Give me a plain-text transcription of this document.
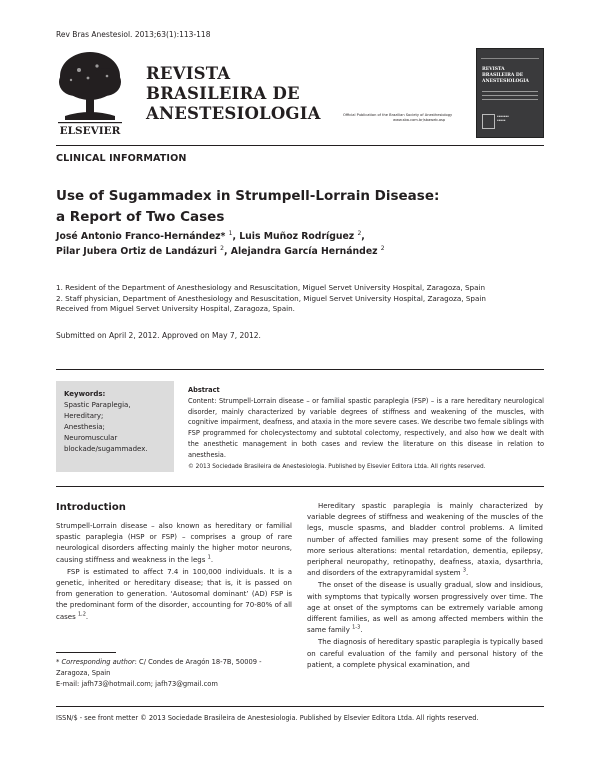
Rev Bras Anestesiol. 2013;63(1):113-118
ELSEVIER
REVISTA
BRASILEIRA DE
ANESTESIOLOGIA	Official Publication of the Brazilian Society of Anesthesiology
www.sba.com.br/sbaweb.asp
REVISTA
BRASILEIRA DE
ANESTESIOLOGIA
▪▪▪▪▪▪▪
▪▪▪▪▪
CLINICAL INFORMATION
Use of Sugammadex in Strumpell-Lorrain Disease:
a Report of Two Cases
José Antonio Franco-Hernández* $^1$, Luis Muñoz Rodríguez $^2$,
Pilar Jubera Ortiz de Landázuri $^2$, Alejandra García Hernández $^2$
1. Resident of the Department of Anesthesiology and Resuscitation, Miguel Servet University Hospital, Zaragoza, Spain
2. Staff physician, Department of Anesthesiology and Resuscitation, Miguel Servet University Hospital, Zaragoza, Spain
Received from Miguel Servet University Hospital, Zaragoza, Spain.
Submitted on April 2, 2012. Approved on May 7, 2012.
Keywords:
Spastic Paraplegia,
Hereditary;
Anesthesia;
Neuromuscular
blockade/sugammadex.
Abstract
Content: Strumpell-Lorrain disease – or familial spastic paraplegia (FSP) – is a rare hereditary neurological disorder, mainly characterized by variable degrees of stiffness and weakening of the muscles, with cognitive impairment, deafness, and ataxia in the more severe cases. We describe two female siblings with FSP programmed for cholecystectomy and subtotal colectomy, respectively, and also how we dealt with the anesthetic management in both cases and review the literature on this disease in relation to anesthesia.
© 2013 Sociedade Brasileira de Anestesiologia. Published by Elsevier Editora Ltda. All rights reserved.
Introduction

Strumpell-Lorrain disease – also known as hereditary or familial spastic paraplegia (HSP or FSP) – comprises a group of rare neurological disorders affecting mainly the higher motor neurons, causing stiffness and weakness in the legs $^1$.

FSP is estimated to affect 7.4 in 100,000 individuals. It is a genetic, inherited or hereditary disease; that is, it is passed on from generation to generation. ‘Autosomal dominant’ (AD) FSP is the predominant form of the disorder, accounting for 70-80% of all cases $^{1,2}$.

Hereditary spastic paraplegia is mainly characterized by variable degrees of stiffness and weakening of the muscles of the legs, muscle spasms, and bladder control problems. A limited number of affected families may present some of the following more serious alterations: mental retardation, dementia, epilepsy, peripheral neuropathy, retinopathy, deafness, ataxia, dysarthria, and disorders of the extrapyramidal system $^3$.

The onset of the disease is usually gradual, slow and insidious, with symptoms that typically worsen progressively over time. The age at onset of the symptoms can be extremely variable among different families, as well as among affected members within the same family $^{1-3}$.

The diagnosis of hereditary spastic paraplegia is typically based on careful evaluation of the family and personal history of the patient, a complete physical examination, and

* Corresponding author: C/ Condes de Aragón 18-7B, 50009 - Zaragoza, Spain
E-mail: jafh73@hotmail.com; jafh73@gmail.com
ISSN/$ - see front metter © 2013 Sociedade Brasileira de Anestesiologia. Published by Elsevier Editora Ltda. All rights reserved.
